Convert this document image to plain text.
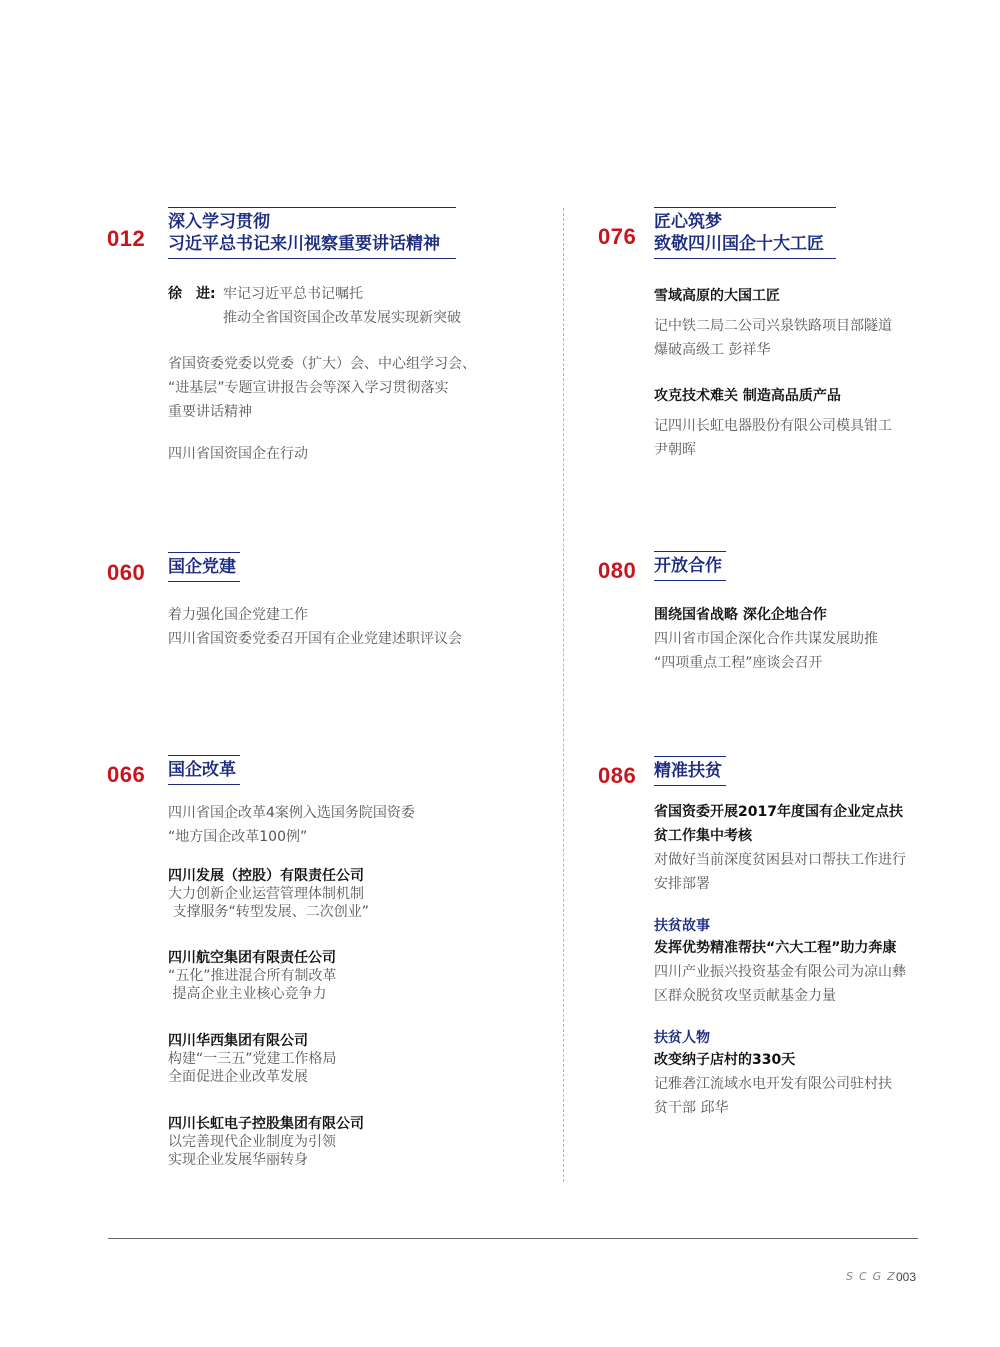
012
深入学习贯彻
习近平总书记来川视察重要讲话精神
徐　进: 牢记习近平总书记嘱托
推动全省国资国企改革发展实现新突破
省国资委党委以党委（扩大）会、中心组学习会、
“进基层”专题宣讲报告会等深入学习贯彻落实
重要讲话精神
四川省国资国企在行动
076
匠心筑梦
致敬四川国企十大工匠
雪域高原的大国工匠
记中铁二局二公司兴泉铁路项目部隧道
爆破高级工 彭祥华
攻克技术难关 制造高品质产品
记四川长虹电器股份有限公司模具钳工
尹朝晖
060 国企党建
着力强化国企党建工作
四川省国资委党委召开国有企业党建述职评议会
080 开放合作
围绕国省战略 深化企地合作
四川省市国企深化合作共谋发展助推
“四项重点工程”座谈会召开
066 国企改革
四川省国企改革4案例入选国务院国资委
“地方国企改革100例”
四川发展（控股）有限责任公司
大力创新企业运营管理体制机制
支撑服务“转型发展、二次创业”
四川航空集团有限责任公司
“五化”推进混合所有制改革
提高企业主业核心竞争力
四川华西集团有限公司
构建“一三五”党建工作格局
全面促进企业改革发展
四川长虹电子控股集团有限公司
以完善现代企业制度为引领
实现企业发展华丽转身
086 精准扶贫
省国资委开展2017年度国有企业定点扶
贫工作集中考核
对做好当前深度贫困县对口帮扶工作进行
安排部署
扶贫故事
发挥优势精准帮扶“六大工程”助力奔康
四川产业振兴投资基金有限公司为凉山彝
区群众脱贫攻坚贡献基金力量
扶贫人物
改变纳子店村的330天
记雅砻江流域水电开发有限公司驻村扶
贫干部 邱华
SCGZ
003
